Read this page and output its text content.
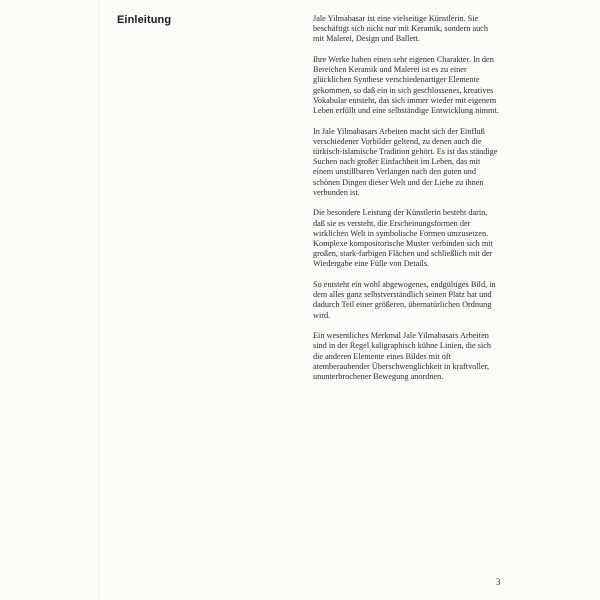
Einleitung	Jale Yilmabasar ist eine vielseitige Künstlerin. Sie beschäftigt sich nicht nur mit Keramik, sondern auch mit Malerei, Design und Ballett.

Ihre Werke haben einen sehr eigenen Charakter. In den Bereichen Keramik und Malerei ist es zu einer glücklichen Synthese verschiedenartiger Elemente gekommen, so daß ein in sich geschlossenes, kreatives Vokabular entsteht, das sich immer wieder mit eigenem Leben erfüllt und eine selbständige Entwicklung nimmt.

In Jale Yilmabasars Arbeiten macht sich der Einfluß verschiedener Vorbilder geltend, zu denen auch die türkisch-islamische Tradition gehört. Es ist das ständige Suchen nach großer Einfachheit im Leben, das mit einem unstillbaren Verlangen nach den guten und schönen Dingen dieser Welt und der Liebe zu ihnen verbunden ist.

Die besondere Leistung der Künstlerin besteht darin, daß sie es versteht, die Erscheinungsformen der wirklichen Welt in symbolische Formen umzusetzen. Komplexe kompositorische Muster verbinden sich mit großen, stark-farbigen Flächen und schließlich mit der Wiedergabe eine Fülle von Details.

So entsteht ein wohl abgewogenes, endgültiges Bild, in dem alles ganz selbstverständlich seinen Platz hat und dadurch Teil einer größeren, übernatürlichen Ordnung wird.

Ein wesentliches Merkmal Jale Yilmabasars Arbeiten sind in der Regel kaligraphisch kühne Linien, die sich die anderen Elemente eines Bildes mit oft atemberaubender Überschwenglichkeit in kraftvoller, ununterbrochener Bewegung anordnen.

3
